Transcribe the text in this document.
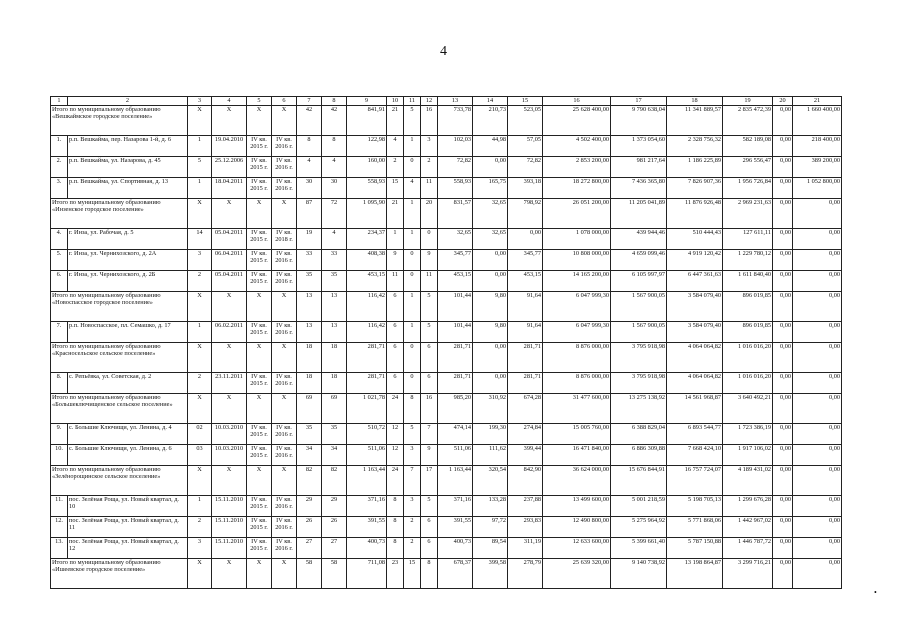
4
1	2	3	4	5	6	7	8	9	10	11	12	13	14	15	16	17	18	19	20	21
Итого по муниципальному образованию «Вешкаймское городское поселение»		X	X	X	X	42	42	841,91	21	5	16	733,78	210,73	523,05	25 628 400,00	9 790 638,04	11 341 889,57	2 835 472,39	0,00	1 660 400,00
1.	р.п. Вешкайма, пер. Назарова 1-й, д. 6	1	19.04.2010	IV кв. 2015 г.	IV кв. 2016 г.	8	8	122,98	4	1	3	102,03	44,98	57,05	4 502 400,00	1 373 054,60	2 328 756,32	582 189,08	0,00	218 400,00
2.	р.п. Вешкайма, ул. Назарова, д. 45	5	25.12.2006	IV кв. 2015 г.	IV кв. 2016 г.	4	4	160,00	2	0	2	72,82	0,00	72,82	2 853 200,00	981 217,64	1 186 225,89	296 556,47	0,00	389 200,00
3.	р.п. Вешкайма, ул. Спортивная, д. 13	1	18.04.2011	IV кв. 2015 г.	IV кв. 2016 г.	30	30	558,93	15	4	11	558,93	165,75	393,18	18 272 800,00	7 436 365,80	7 826 907,36	1 956 726,84	0,00	1 052 800,00
Итого по муниципальному образованию «Инзенское городское поселение»		X	X	X	X	87	72	1 095,90	21	1	20	831,57	32,65	798,92	26 051 200,00	11 205 041,89	11 876 926,48	2 969 231,63	0,00	0,00
4.	г. Инза, ул. Рабочая, д. 5	14	05.04.2011	IV кв. 2015 г.	IV кв. 2018 г.	19	4	234,37	1	1	0	32,65	32,65	0,00	1 078 000,00	439 944,46	510 444,43	127 611,11	0,00	0,00
5.	г. Инза, ул. Чернихозского, д. 2А	3	06.04.2011	IV кв. 2015 г.	IV кв. 2016 г.	33	33	408,38	9	0	9	345,77	0,00	345,77	10 808 000,00	4 659 099,46	4 919 120,42	1 229 780,12	0,00	0,00
6.	г. Инза, ул. Чернихозского, д. 2Б	2	05.04.2011	IV кв. 2015 г.	IV кв. 2016 г.	35	35	453,15	11	0	11	453,15	0,00	453,15	14 165 200,00	6 105 997,97	6 447 361,63	1 611 840,40	0,00	0,00
Итого по муниципальному образованию «Новоспасское городское поселение»		X	X	X	X	13	13	116,42	6	1	5	101,44	9,80	91,64	6 047 999,30	1 567 900,05	3 584 079,40	896 019,85	0,00	0,00
7.	р.п. Новоспасское, пл. Семашко, д. 17	1	06.02.2011	IV кв. 2015 г.	IV кв. 2016 г.	13	13	116,42	6	1	5	101,44	9,80	91,64	6 047 999,30	1 567 900,05	3 584 079,40	896 019,85	0,00	0,00
Итого по муниципальному образованию «Красносельское сельское поселение»		X	X	X	X	18	18	281,71	6	0	6	281,71	0,00	281,71	8 876 000,00	3 795 918,98	4 064 064,82	1 016 016,20	0,00	0,00
8.	с. Репьёвка, ул. Советская, д. 2	2	23.11.2011	IV кв. 2015 г.	IV кв. 2016 г.	18	18	281,71	6	0	6	281,71	0,00	281,71	8 876 000,00	3 795 918,98	4 064 064,82	1 016 016,20	0,00	0,00
Итого по муниципальному образованию «Большеключищенское сельское поселение»		X	X	X	X	69	69	1 021,78	24	8	16	985,20	310,92	674,28	31 477 600,00	13 275 138,92	14 561 968,87	3 640 492,21	0,00	0,00
9.	с. Большие Ключищи, ул. Ленина, д. 4	02	10.03.2010	IV кв. 2015 г.	IV кв. 2016 г.	35	35	510,72	12	5	7	474,14	199,30	274,84	15 005 760,00	6 388 829,04	6 893 544,77	1 723 386,19	0,00	0,00
10.	с. Большие Ключищи, ул. Ленина, д. 6	03	10.03.2010	IV кв. 2015 г.	IV кв. 2016 г.	34	34	511,06	12	3	9	511,06	111,62	399,44	16 471 840,00	6 886 309,88	7 668 424,10	1 917 106,02	0,00	0,00
Итого по муниципальному образованию «Зелёнорощинское сельское поселение»		X	X	X	X	82	82	1 163,44	24	7	17	1 163,44	320,54	842,90	36 624 000,00	15 676 844,91	16 757 724,07	4 189 431,02	0,00	0,00
11.	пос. Зелёная Роща, ул. Новый квартал, д. 10	1	15.11.2010	IV кв. 2015 г.	IV кв. 2016 г.	29	29	371,16	8	3	5	371,16	133,28	237,88	13 499 600,00	5 001 218,59	5 198 705,13	1 299 676,28	0,00	0,00
12.	пос. Зелёная Роща, ул. Новый квартал, д. 11	2	15.11.2010	IV кв. 2015 г.	IV кв. 2016 г.	26	26	391,55	8	2	6	391,55	97,72	293,83	12 490 800,00	5 275 964,92	5 771 868,06	1 442 967,02	0,00	0,00
13.	пос. Зелёная Роща, ул. Новый квартал, д. 12	3	15.11.2010	IV кв. 2015 г.	IV кв. 2016 г.	27	27	400,73	8	2	6	400,73	89,54	311,19	12 633 600,00	5 399 661,40	5 787 150,88	1 446 787,72	0,00	0,00
Итого по муниципальному образованию «Ишеевское городское поселение»		X	X	X	X	58	58	711,08	23	15	8	678,37	399,58	278,79	25 639 320,00	9 140 738,92	13 198 864,87	3 299 716,21	0,00	0,00
•
